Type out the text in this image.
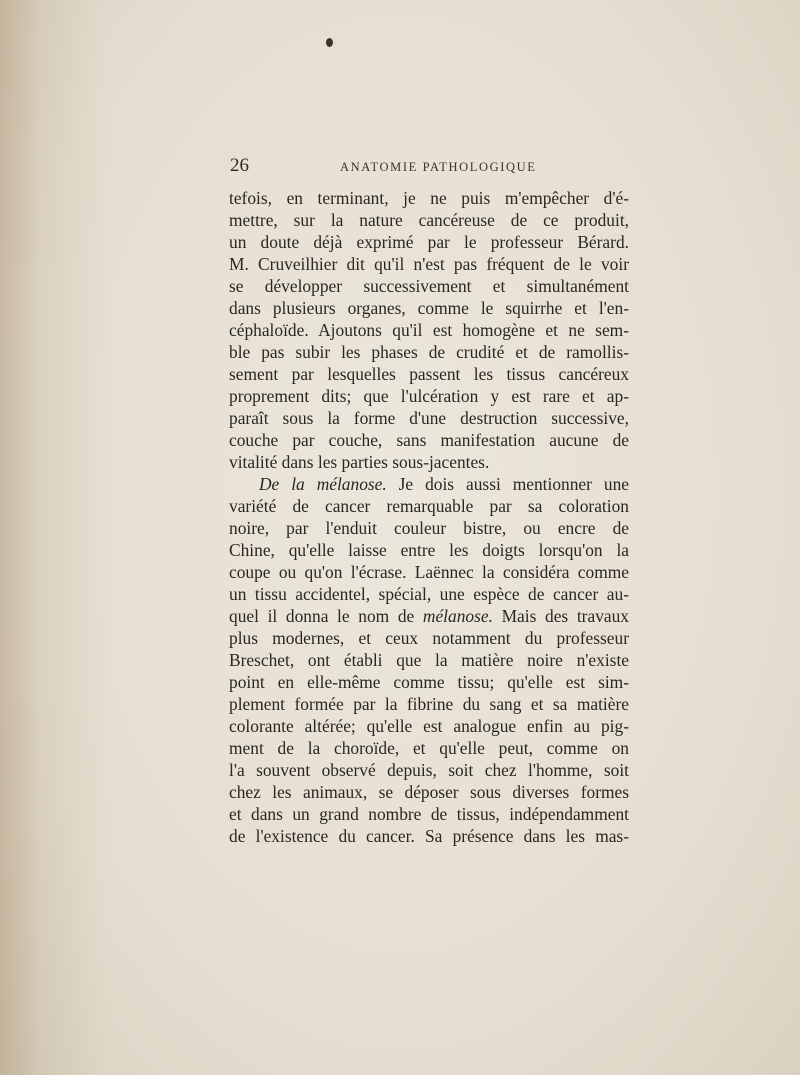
26	ANATOMIE PATHOLOGIQUE
tefois, en terminant, je ne puis m'empêcher d'é-
mettre, sur la nature cancéreuse de ce produit,
un doute déjà exprimé par le professeur Bérard.
M. Cruveilhier dit qu'il n'est pas fréquent de le voir
se développer successivement et simultanément
dans plusieurs organes, comme le squirrhe et l'en-
céphaloïde. Ajoutons qu'il est homogène et ne sem-
ble pas subir les phases de crudité et de ramollis-
sement par lesquelles passent les tissus cancéreux
proprement dits; que l'ulcération y est rare et ap-
paraît sous la forme d'une destruction successive,
couche par couche, sans manifestation aucune de
vitalité dans les parties sous-jacentes.
De la mélanose. Je dois aussi mentionner une
variété de cancer remarquable par sa coloration
noire, par l'enduit couleur bistre, ou encre de
Chine, qu'elle laisse entre les doigts lorsqu'on la
coupe ou qu'on l'écrase. Laënnec la considéra comme
un tissu accidentel, spécial, une espèce de cancer au-
quel il donna le nom de mélanose. Mais des travaux
plus modernes, et ceux notamment du professeur
Breschet, ont établi que la matière noire n'existe
point en elle-même comme tissu; qu'elle est sim-
plement formée par la fibrine du sang et sa matière
colorante altérée; qu'elle est analogue enfin au pig-
ment de la choroïde, et qu'elle peut, comme on
l'a souvent observé depuis, soit chez l'homme, soit
chez les animaux, se déposer sous diverses formes
et dans un grand nombre de tissus, indépendamment
de l'existence du cancer. Sa présence dans les mas-
